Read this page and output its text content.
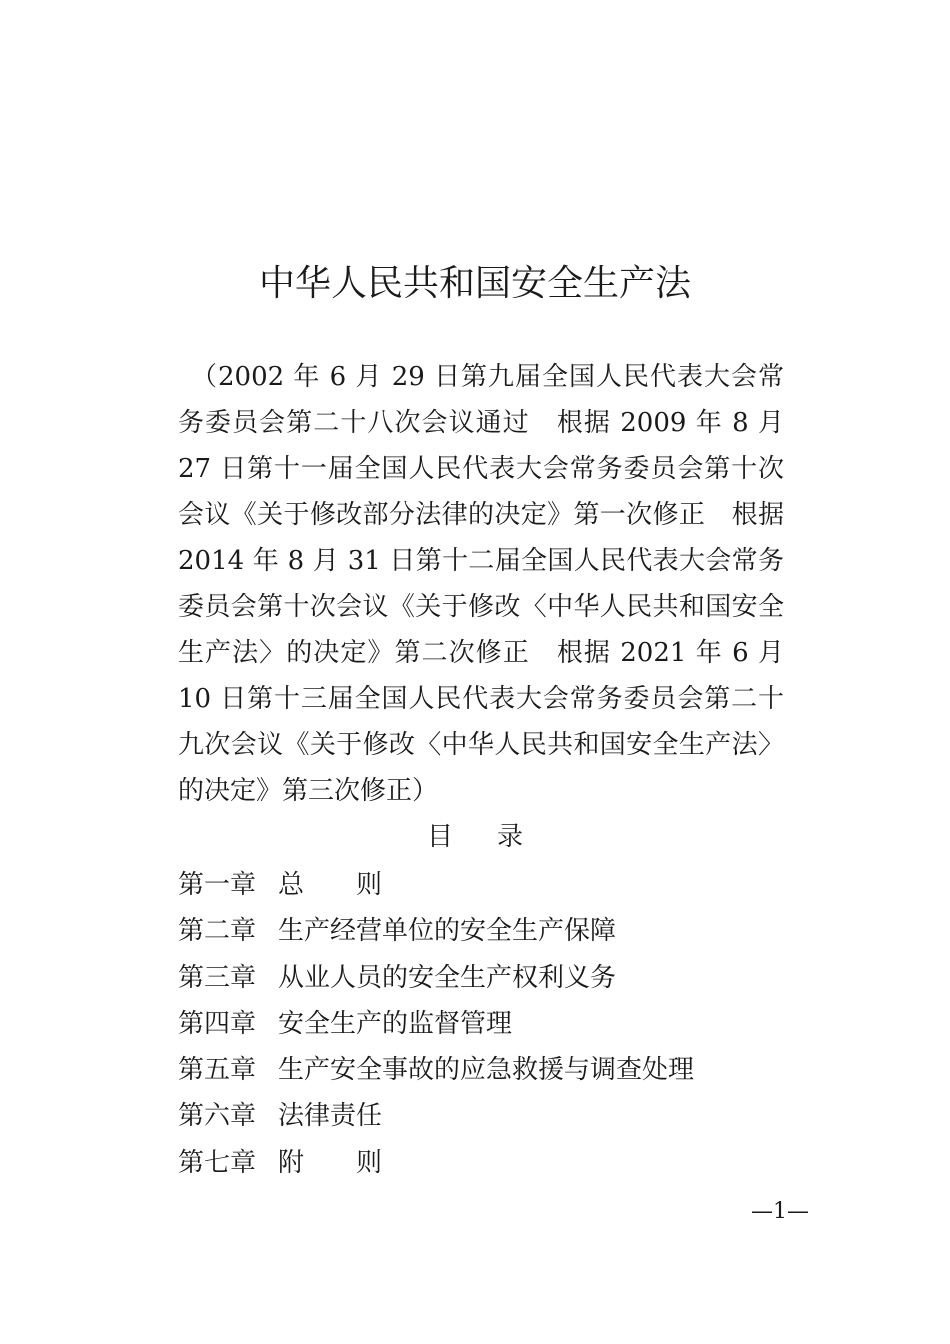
中华人民共和国安全生产法

（2002 年 6 月 29 日第九届全国人民代表大会常务委员会第二十八次会议通过　根据 2009 年 8 月 27 日第十一届全国人民代表大会常务委员会第十次会议《关于修改部分法律的决定》第一次修正　根据 2014 年 8 月 31 日第十二届全国人民代表大会常务委员会第十次会议《关于修改〈中华人民共和国安全生产法〉的决定》第二次修正　根据 2021 年 6 月 10 日第十三届全国人民代表大会常务委员会第二十九次会议《关于修改〈中华人民共和国安全生产法〉的决定》第三次修正）

目录
第一章 总　　则
第二章 生产经营单位的安全生产保障
第三章 从业人员的安全生产权利义务
第四章 安全生产的监督管理
第五章 生产安全事故的应急救援与调查处理
第六章 法律责任
第七章 附　　则
—1—
